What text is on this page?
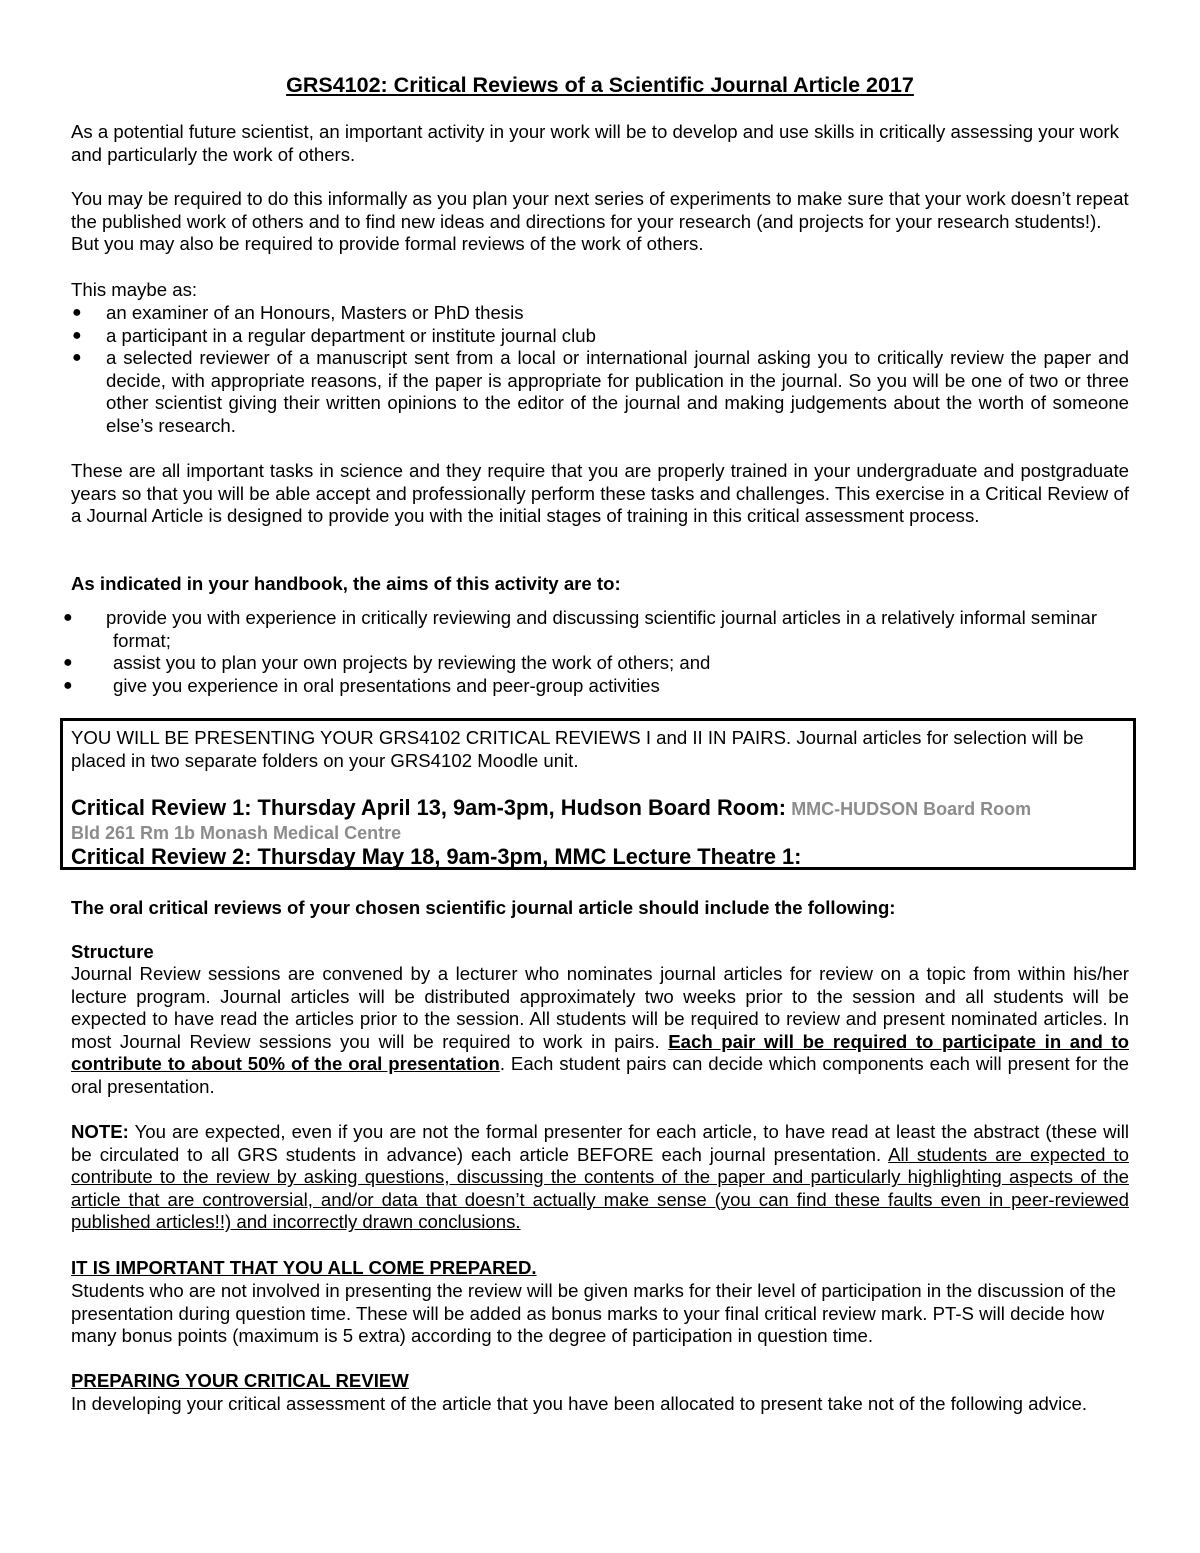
GRS4102: Critical Reviews of a Scientific Journal Article 2017
As a potential future scientist, an important activity in your work will be to develop and use skills in critically assessing your work and particularly the work of others.
You may be required to do this informally as you plan your next series of experiments to make sure that your work doesn’t repeat the published work of others and to find new ideas and directions for your research (and projects for your research students!). But you may also be required to provide formal reviews of the work of others.
This maybe as:
● an examiner of an Honours, Masters or PhD thesis
● a participant in a regular department or institute journal club
● a selected reviewer of a manuscript sent from a local or international journal asking you to critically review the paper and decide, with appropriate reasons, if the paper is appropriate for publication in the journal. So you will be one of two or three other scientist giving their written opinions to the editor of the journal and making judgements about the worth of someone else’s research.
These are all important tasks in science and they require that you are properly trained in your undergraduate and postgraduate years so that you will be able accept and professionally perform these tasks and challenges. This exercise in a Critical Review of a Journal Article is designed to provide you with the initial stages of training in this critical assessment process.
As indicated in your handbook, the aims of this activity are to:
● provide you with experience in critically reviewing and discussing scientific journal articles in a relatively informal seminar format;
● assist you to plan your own projects by reviewing the work of others; and
● give you experience in oral presentations and peer-group activities
YOU WILL BE PRESENTING YOUR GRS4102 CRITICAL REVIEWS I and II IN PAIRS. Journal articles for selection will be placed in two separate folders on your GRS4102 Moodle unit.
Critical Review 1: Thursday April 13, 9am-3pm, Hudson Board Room: MMC-HUDSON Board Room
Bld 261 Rm 1b Monash Medical Centre
Critical Review 2: Thursday May 18, 9am-3pm, MMC Lecture Theatre 1:
The oral critical reviews of your chosen scientific journal article should include the following:
Structure
Journal Review sessions are convened by a lecturer who nominates journal articles for review on a topic from within his/her lecture program. Journal articles will be distributed approximately two weeks prior to the session and all students will be expected to have read the articles prior to the session. All students will be required to review and present nominated articles. In most Journal Review sessions you will be required to work in pairs. Each pair will be required to participate in and to contribute to about 50% of the oral presentation. Each student pairs can decide which components each will present for the oral presentation.
NOTE: You are expected, even if you are not the formal presenter for each article, to have read at least the abstract (these will be circulated to all GRS students in advance) each article BEFORE each journal presentation. All students are expected to contribute to the review by asking questions, discussing the contents of the paper and particularly highlighting aspects of the article that are controversial, and/or data that doesn’t actually make sense (you can find these faults even in peer-reviewed published articles!!) and incorrectly drawn conclusions.
IT IS IMPORTANT THAT YOU ALL COME PREPARED.
Students who are not involved in presenting the review will be given marks for their level of participation in the discussion of the presentation during question time. These will be added as bonus marks to your final critical review mark. PT-S will decide how many bonus points (maximum is 5 extra) according to the degree of participation in question time.
PREPARING YOUR CRITICAL REVIEW
In developing your critical assessment of the article that you have been allocated to present take not of the following advice.
